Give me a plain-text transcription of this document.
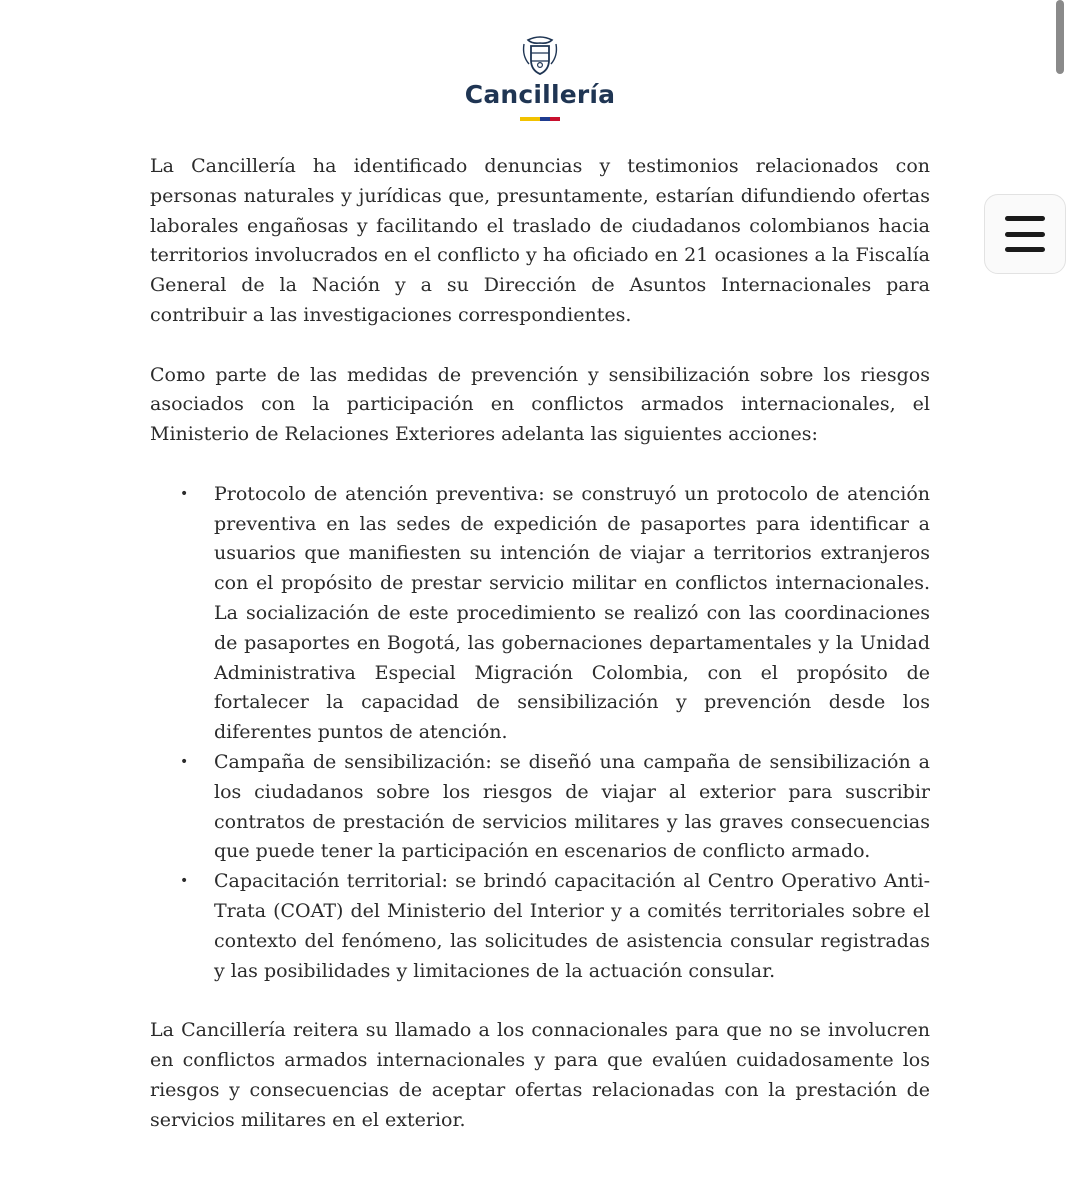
Cancillería

La Cancillería ha identificado denuncias y testimonios relacionados con personas naturales y jurídicas que, presuntamente, estarían difundiendo ofertas laborales engañosas y facilitando el traslado de ciudadanos colombianos hacia territorios involucrados en el conflicto y ha oficiado en 21 ocasiones a la Fiscalía General de la Nación y a su Dirección de Asuntos Internacionales para contribuir a las investigaciones correspondientes.

Como parte de las medidas de prevención y sensibilización sobre los riesgos asociados con la participación en conflictos armados internacionales, el Ministerio de Relaciones Exteriores adelanta las siguientes acciones:

• Protocolo de atención preventiva: se construyó un protocolo de atención preventiva en las sedes de expedición de pasaportes para identificar a usuarios que manifiesten su intención de viajar a territorios extranjeros con el propósito de prestar servicio militar en conflictos internacionales. La socialización de este procedimiento se realizó con las coordinaciones de pasaportes en Bogotá, las gobernaciones departamentales y la Unidad Administrativa Especial Migración Colombia, con el propósito de fortalecer la capacidad de sensibilización y prevención desde los diferentes puntos de atención.
• Campaña de sensibilización: se diseñó una campaña de sensibilización a los ciudadanos sobre los riesgos de viajar al exterior para suscribir contratos de prestación de servicios militares y las graves consecuencias que puede tener la participación en escenarios de conflicto armado.
• Capacitación territorial: se brindó capacitación al Centro Operativo Anti-Trata (COAT) del Ministerio del Interior y a comités territoriales sobre el contexto del fenómeno, las solicitudes de asistencia consular registradas y las posibilidades y limitaciones de la actuación consular.

La Cancillería reitera su llamado a los connacionales para que no se involucren en conflictos armados internacionales y para que evalúen cuidadosamente los riesgos y consecuencias de aceptar ofertas relacionadas con la prestación de servicios militares en el exterior.
